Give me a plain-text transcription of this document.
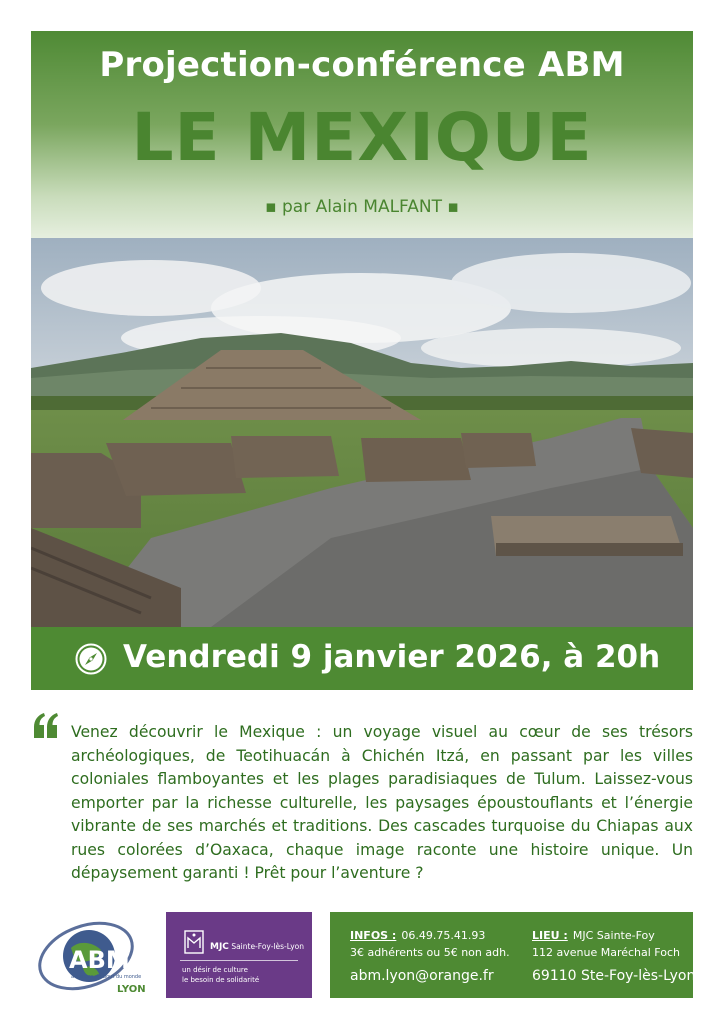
Projection-conférence ABM
LE MEXIQUE
▪ par Alain MALFANT ▪
Vendredi 9 janvier 2026, à 20h

Venez découvrir le Mexique : un voyage visuel au cœur de ses trésors archéologiques, de Teotihuacán à Chichén Itzá, en passant par les villes coloniales flamboyantes et les plages paradisiaques de Tulum. Laissez-vous emporter par la richesse culturelle, les paysages époustouflants et l’énergie vibrante de ses marchés et traditions. Des cascades turquoise du Chiapas aux rues colorées d’Oaxaca, chaque image raconte une histoire unique. Un dépaysement garanti ! Prêt pour l’aventure ?

ABM
aventure du bout du monde
LYON
MJC Sainte-Foy-lès-Lyon
un désir de culture
le besoin de solidarité
INFOS : 06.49.75.41.93
3€ adhérents ou 5€ non adh.
abm.lyon@orange.fr
LIEU : MJC Sainte-Foy
112 avenue Maréchal Foch
69110 Ste-Foy-lès-Lyon
